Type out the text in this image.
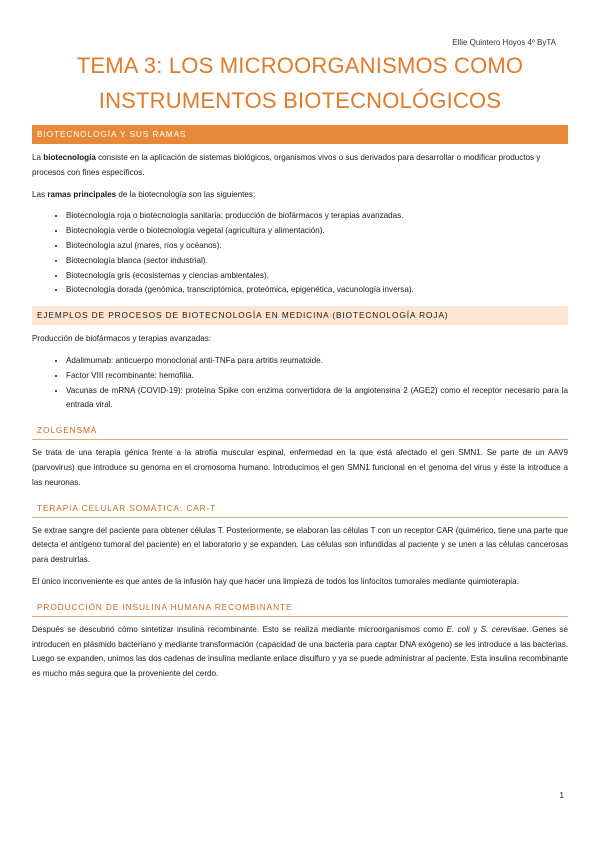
Ellie Quintero Hoyos 4º ByTA
TEMA 3: LOS MICROORGANISMOS COMO
INSTRUMENTOS BIOTECNOLÓGICOS
BIOTECNOLOGÍA Y SUS RAMAS

La biotecnología consiste en la aplicación de sistemas biológicos, organismos vivos o sus derivados para desarrollar o modificar productos y procesos con fines específicos.

Las ramas principales de la biotecnología son las siguientes:

• Biotecnología roja o biotecnología sanitaria: producción de biofármacos y terapias avanzadas.
• Biotecnología verde o biotecnología vegetal (agricultura y alimentación).
• Biotecnología azul (mares, ríos y océanos).
• Biotecnología blanca (sector industrial).
• Biotecnología gris (ecosistemas y ciencias ambientales).
• Biotecnología dorada (genómica, transcriptómica, proteómica, epigenética, vacunología inversa).
EJEMPLOS DE PROCESOS DE BIOTECNOLOGÍA EN MEDICINA (BIOTECNOLOGÍA ROJA)

Producción de biofármacos y terapias avanzadas:

• Adalimumab: anticuerpo monoclonal anti-TNFa para artritis reumatoide.
• Factor VIII recombinante: hemofilia.
• Vacunas de mRNA (COVID-19): proteína Spike con enzima convertidora de la angiotensina 2 (AGE2) como el receptor necesario para la entrada viral.
ZOLGENSMA

Se trata de una terapia génica frente a la atrofia muscular espinal, enfermedad en la que está afectado el gen SMN1. Se parte de un AAV9 (parvovirus) que introduce su genoma en el cromosoma humano. Introducimos el gen SMN1 funcional en el genoma del virus y éste la introduce a las neuronas.

TERAPIA CELULAR SOMÁTICA: CAR-T

Se extrae sangre del paciente para obtener células T. Posteriormente, se elaboran las células T con un receptor CAR (quimérico, tiene una parte que detecta el antígeno tumoral del paciente) en el laboratorio y se expanden. Las células son infundidas al paciente y se unen a las células cancerosas para destruirlas.

El único inconveniente es que antes de la infusión hay que hacer una limpieza de todos los linfocitos tumorales mediante quimioterapia.

PRODUCCIÓN DE INSULINA HUMANA RECOMBINANTE

Después se descubrió cómo sintetizar insulina recombinante. Esto se realiza mediante microorganismos como E. coli y S. cerevisae. Genes se introducen en plásmido bacteriano y mediante transformación (capacidad de una bacteria para captar DNA exógeno) se les introduce a las bacterias. Luego se expanden, unimos las dos cadenas de insulina mediante enlace disulfuro y ya se puede administrar al paciente. Esta insulina recombinante es mucho más segura que la proveniente del cerdo.

1
